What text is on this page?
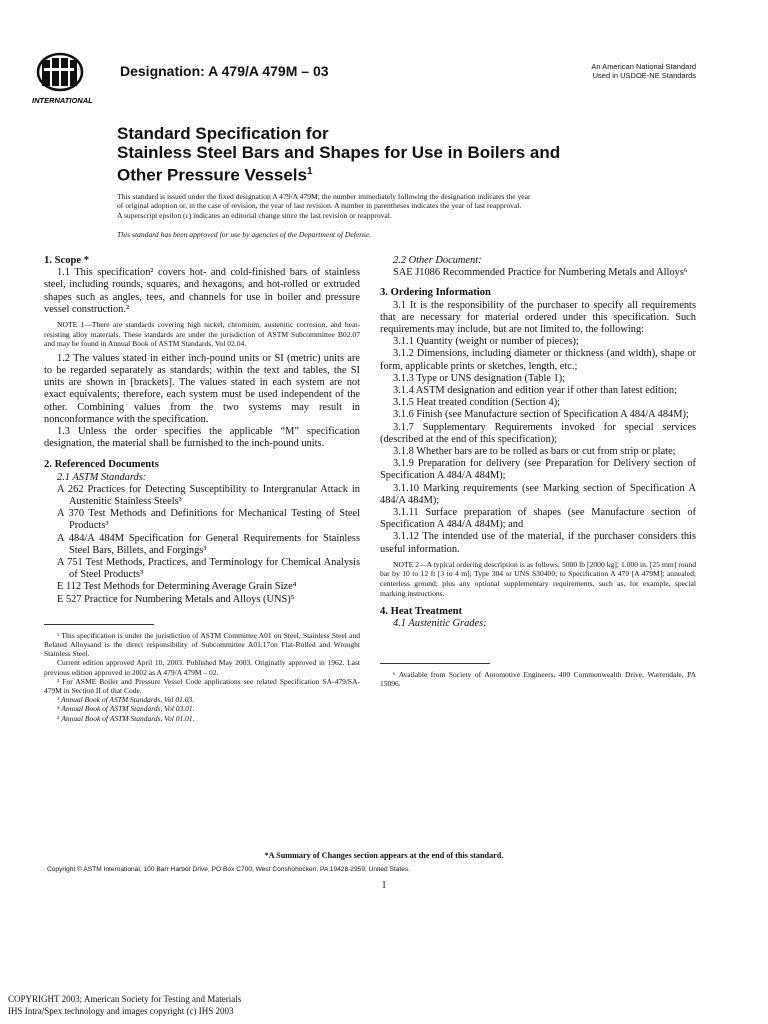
INTERNATIONAL
Designation: A 479/A 479M – 03	An American National Standard
Used in USDOE-NE Standards
Standard Specification for
Stainless Steel Bars and Shapes for Use in Boilers and
Other Pressure Vessels$^1$

This standard is issued under the fixed designation A 479/A 479M; the number immediately following the designation indicates the year

of original adoption or, in the case of revision, the year of last revision. A number in parentheses indicates the year of last reapproval.

A superscript epsilon (ε) indicates an editorial change since the last revision or reapproval.

This standard has been approved for use by agencies of the Department of Defense.

1. Scope *

1.1 This specification² covers hot- and cold-finished bars of stainless steel, including rounds, squares, and hexagons, and hot-rolled or extruded shapes such as angles, tees, and channels for use in boiler and pressure vessel construction.²

NOTE 1—There are standards covering high nickel, chromium, austenitic corrosion, and heat-resisting alloy materials. These standards are under the jurisdiction of ASTM Subcommittee B02.07 and may be found in Annual Book of ASTM Standards, Vol 02.04.

1.2 The values stated in either inch-pound units or SI (metric) units are to be regarded separately as standards; within the text and tables, the SI units are shown in [brackets]. The values stated in each system are not exact equivalents; therefore, each system must be used independent of the other. Combining values from the two systems may result in nonconformance with the specification.

1.3 Unless the order specifies the applicable “M” specification designation, the material shall be furnished to the inch-pound units.

2. Referenced Documents

2.1 ASTM Standards:

A 262 Practices for Detecting Susceptibility to Intergranular Attack in Austenitic Stainless Steels³

A 370 Test Methods and Definitions for Mechanical Testing of Steel Products³

A 484/A 484M Specification for General Requirements for Stainless Steel Bars, Billets, and Forgings³

A 751 Test Methods, Practices, and Terminology for Chemical Analysis of Steel Products³

E 112 Test Methods for Determining Average Grain Size⁴

E 527 Practice for Numbering Metals and Alloys (UNS)⁵

¹ This specification is under the jurisdiction of ASTM Committee A01 on Steel, Stainless Steel and Related Alloysand is the direct responsibility of Subcommittee A01.17on Flat-Rolled and Wrought Stainless Steel.

Current edition approved April 10, 2003. Published May 2003. Originally approved in 1962. Last previous edition approved in 2002 as A 479/A 479M – 02.

² For ASME Boiler and Pressure Vessel Code applications see related Specification SA-479/SA-479M in Section II of that Code.

³ Annual Book of ASTM Standards, Vol 01.03.

⁴ Annual Book of ASTM Standards, Vol 03.01.

⁵ Annual Book of ASTM Standards, Vol 01.01.

2.2 Other Document:

SAE J1086 Recommended Practice for Numbering Metals and Alloys⁶

3. Ordering Information

3.1 It is the responsibility of the purchaser to specify all requirements that are necessary for material ordered under this specification. Such requirements may include, but are not limited to, the following:

3.1.1 Quantity (weight or number of pieces);

3.1.2 Dimensions, including diameter or thickness (and width), shape or form, applicable prints or sketches, length, etc.;

3.1.3 Type or UNS designation (Table 1);

3.1.4 ASTM designation and edition year if other than latest edition;

3.1.5 Heat treated condition (Section 4);

3.1.6 Finish (see Manufacture section of Specification A 484/A 484M);

3.1.7 Supplementary Requirements invoked for special services (described at the end of this specification);

3.1.8 Whether bars are to be rolled as bars or cut from strip or plate;

3.1.9 Preparation for delivery (see Preparation for Delivery section of Specification A 484/A 484M);

3.1.10 Marking requirements (see Marking section of Specification A 484/A 484M);

3.1.11 Surface preparation of shapes (see Manufacture section of Specification A 484/A 484M); and

3.1.12 The intended use of the material, if the purchaser considers this useful information.

NOTE 2—A typical ordering description is as follows: 5000 lb [2000 kg]; 1.000 in. [25 mm] round bar by 10 to 12 ft [3 to 4 m]; Type 304 or UNS S30400; to Specification A 479 [A 479M]; annealed; centerless ground; plus any optional supplementary requirements, such as, for example, special marking instructions.

4. Heat Treatment

4.1 Austenitic Grades:

⁶ Available from Society of Automotive Engineers, 400 Commonwealth Drive, Warrendale, PA 15096.

*A Summary of Changes section appears at the end of this standard.
Copyright © ASTM International, 100 Barr Harbor Drive, PO Box C700, West Conshohocken, PA 19428-2959, United States.
1
COPYRIGHT 2003; American Society for Testing and Materials
IHS Intra/Spex technology and images copyright (c) IHS 2003
